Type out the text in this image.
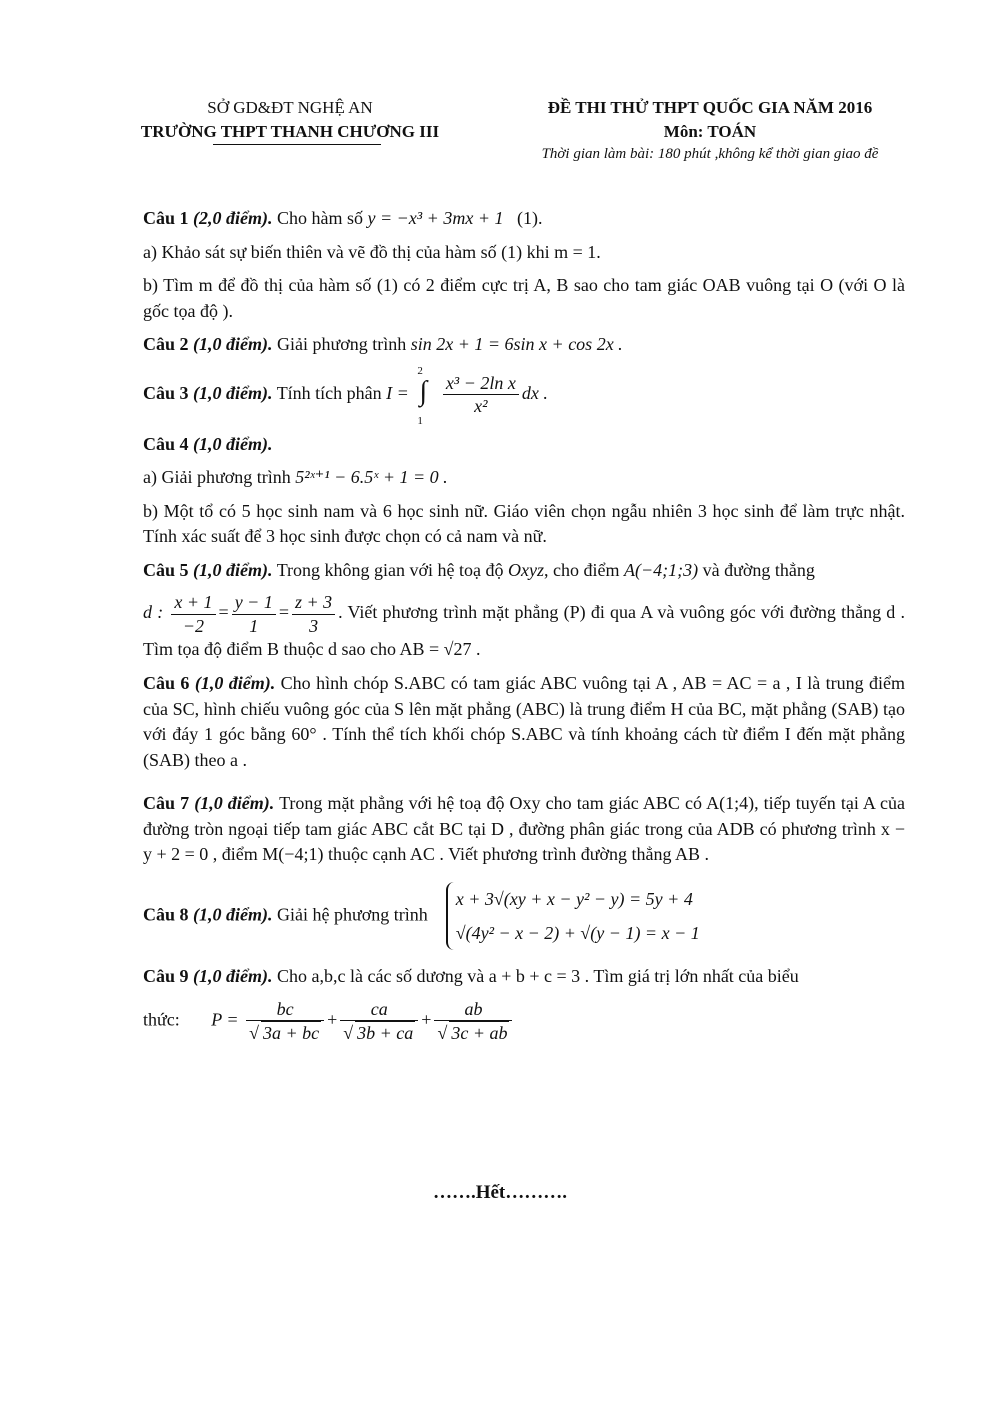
SỞ GD&ĐT NGHỆ AN
TRƯỜNG THPT THANH CHƯƠNG III
ĐỀ THI THỬ THPT QUỐC GIA NĂM 2016
Môn: TOÁN
Thời gian làm bài: 180 phút ,không kể thời gian giao đề

Câu 1 (2,0 điểm). Cho hàm số y = −x³ + 3mx + 1 (1).

a) Khảo sát sự biến thiên và vẽ đồ thị của hàm số (1) khi m = 1.

b) Tìm m để đồ thị của hàm số (1) có 2 điểm cực trị A, B sao cho tam giác OAB vuông tại O (với O là gốc tọa độ ).

Câu 2 (1,0 điểm). Giải phương trình sin 2x + 1 = 6sin x + cos 2x .

Câu 3 (1,0 điểm). Tính tích phân I =
2
∫
1

$\frac{\text{x³ − 2ln x}}{\text{x²}}$ dx .

Câu 4 (1,0 điểm).

a) Giải phương trình 5²ˣ⁺¹ − 6.5ˣ + 1 = 0 .

b) Một tổ có 5 học sinh nam và 6 học sinh nữ. Giáo viên chọn ngẫu nhiên 3 học sinh để làm trực nhật. Tính xác suất để 3 học sinh được chọn có cả nam và nữ.

Câu 5 (1,0 điểm). Trong không gian với hệ toạ độ Oxyz, cho điểm A(−4;1;3) và đường thẳng

d : $\frac{x + 1}{-2} = \frac{y - 1}{1} = \frac{z + 3}{3}$ . Viết phương trình mặt phẳng (P) đi qua A và vuông góc với đường thẳng d . Tìm tọa độ điểm B thuộc d sao cho AB = √27 .

Câu 6 (1,0 điểm). Cho hình chóp S.ABC có tam giác ABC vuông tại A , AB = AC = a , I là trung điểm của SC, hình chiếu vuông góc của S lên mặt phẳng (ABC) là trung điểm H của BC, mặt phẳng (SAB) tạo với đáy 1 góc bằng 60° . Tính thể tích khối chóp S.ABC và tính khoảng cách từ điểm I đến mặt phẳng (SAB) theo a .

Câu 7 (1,0 điểm). Trong mặt phẳng với hệ toạ độ Oxy cho tam giác ABC có A(1;4), tiếp tuyến tại A của đường tròn ngoại tiếp tam giác ABC cắt BC tại D , đường phân giác trong của ADB có phương trình x − y + 2 = 0 , điểm M(−4;1) thuộc cạnh AC . Viết phương trình đường thẳng AB .

Câu 8 (1,0 điểm). Giải hệ phương trình
x + 3√(xy + x − y² − y) = 5y + 4
√(4y² − x − 2) + √(y − 1) = x − 1

Câu 9 (1,0 điểm). Cho a,b,c là các số dương và a + b + c = 3 . Tìm giá trị lớn nhất của biểu

thức: $P = \frac{bc}{√ 3a + bc} + \frac{ca}{√ 3b + ca} + \frac{ab}{√ 3c + ab}$

…….Hết……….
